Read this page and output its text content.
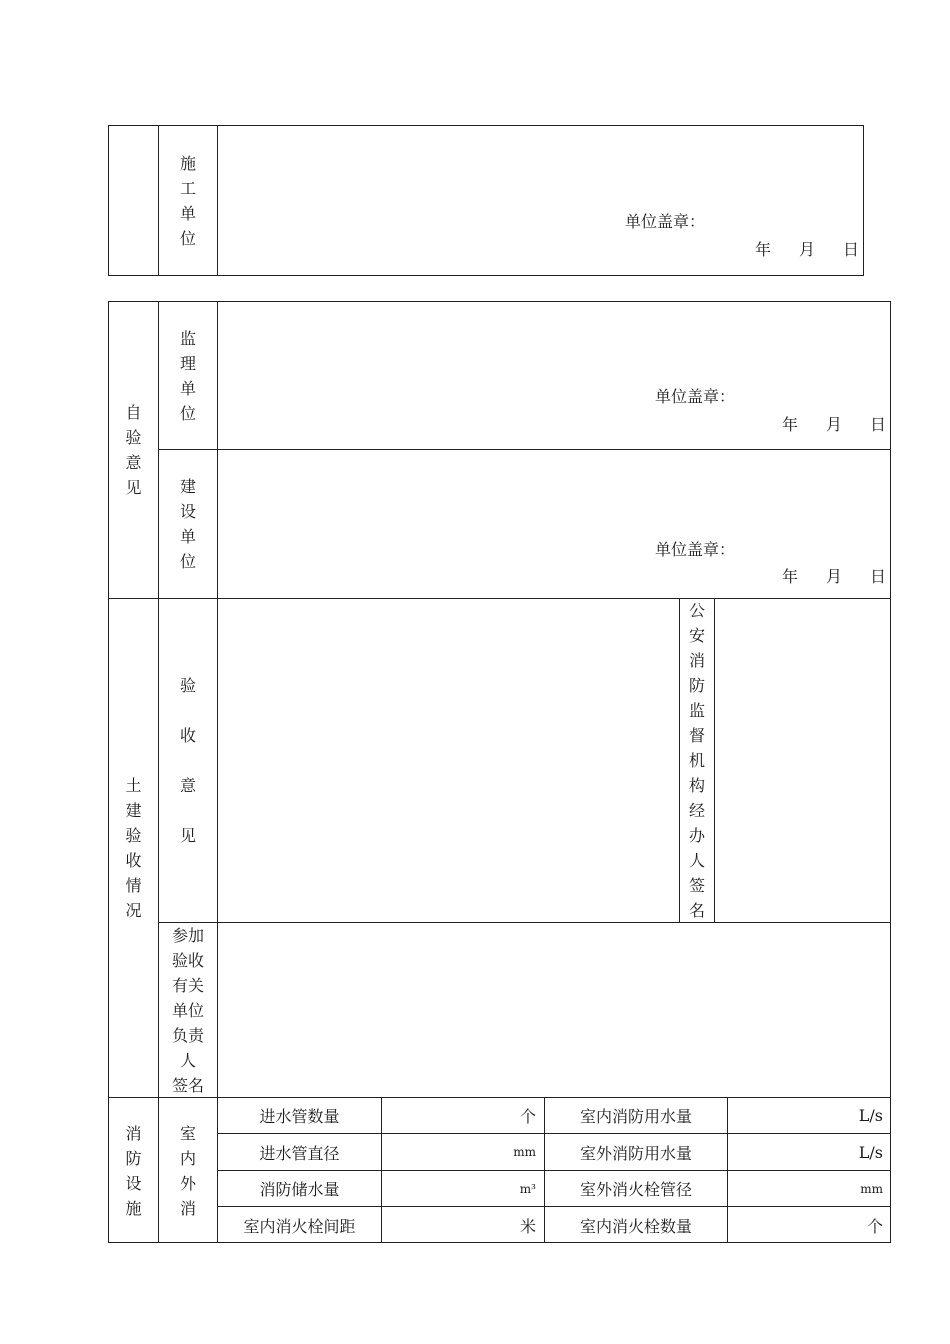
施
工
单
位
单位盖章：
年 月 日
自
验
意
见
监
理
单
位
单位盖章：
年 月 日
建
设
单
位
单位盖章：
年 月 日
土
建
验
收
情
况
验
收
意
见
公
安
消
防
监
督
机
构
经
办
人
签
名
参加
验收
有关
单位
负责
人
签名
消
防
设
施
室
内
外
消
进水管数量	个	室内消防用水量	L/s
进水管直径	mm	室外消防用水量	L/s
消防储水量	m³	室外消火栓管径	mm
室内消火栓间距	米	室内消火栓数量	个
